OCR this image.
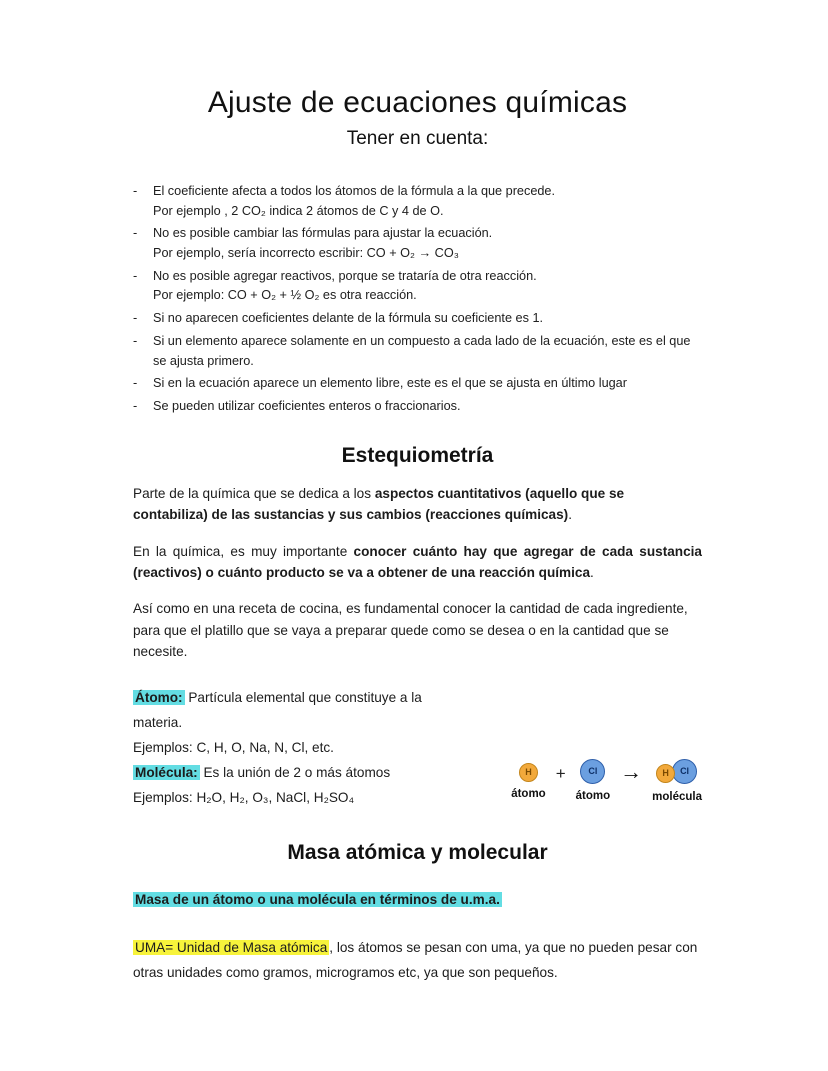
Ajuste de ecuaciones químicas
Tener en cuenta:
-	El coeficiente afecta a todos los átomos de la fórmula a la que precede.
Por ejemplo , 2 CO₂ indica 2 átomos de C y 4 de O.
-	No es posible cambiar las fórmulas para ajustar la ecuación.
Por ejemplo, sería incorrecto escribir: CO + O₂ → CO₃
-	No es posible agregar reactivos, porque se trataría de otra reacción.
Por ejemplo: CO + O₂ + ½ O₂ es otra reacción.
-	Si no aparecen coeficientes delante de la fórmula su coeficiente es 1.
-	Si un elemento aparece solamente en un compuesto a cada lado de la ecuación, este es el que se ajusta primero.
-	Si en la ecuación aparece un elemento libre, este es el que se ajusta en último lugar
-	Se pueden utilizar coeficientes enteros o fraccionarios.
Estequiometría

Parte de la química que se dedica a los aspectos cuantitativos (aquello que se contabiliza) de las sustancias y sus cambios (reacciones químicas).

En la química, es muy importante conocer cuánto hay que agregar de cada sustancia (reactivos) o cuánto producto se va a obtener de una reacción química.

Así como en una receta de cocina, es fundamental conocer la cantidad de cada ingrediente, para que el platillo que se vaya a preparar quede como se desea o en la cantidad que se necesite.

Átomo: Partícula elemental que constituye a la materia.
Ejemplos: C, H, O, Na, N, Cl, etc.
Molécula: Es la unión de 2 o más átomos
Ejemplos: H₂O, H₂, O₃, NaCl, H₂SO₄
H
átomo
+	Cl
átomo
→	Cl
H
molécula
Masa atómica y molecular

Masa de un átomo o una molécula en términos de u.m.a.

UMA= Unidad de Masa atómica , los átomos se pesan con uma, ya que no pueden pesar con otras unidades como gramos, microgramos etc, ya que son pequeños.
